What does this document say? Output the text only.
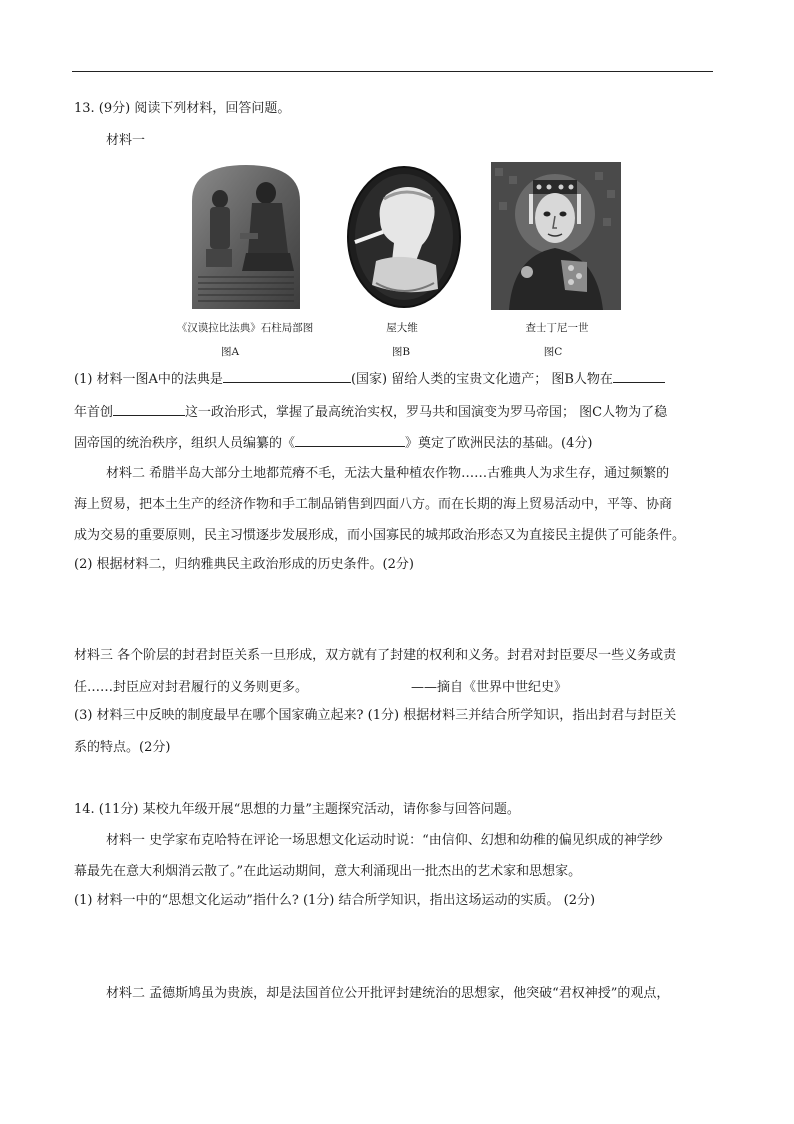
13. (9分) 阅读下列材料，回答问题。
材料一
《汉谟拉比法典》石柱局部图	屋大维	查士丁尼一世
图A	图B	图C
(1) 材料一图A中的法典是	(国家) 留给人类的宝贵文化遗产； 图B人物在
年首创	这一政治形式，掌握了最高统治实权，罗马共和国演变为罗马帝国； 图C人物为了稳
固帝国的统治秩序，组织人员编纂的《	》奠定了欧洲民法的基础。(4分)
材料二 希腊半岛大部分土地都荒瘠不毛，无法大量种植农作物……古雅典人为求生存，通过频繁的
海上贸易，把本土生产的经济作物和手工制品销售到四面八方。而在长期的海上贸易活动中，平等、协商
成为交易的重要原则，民主习惯逐步发展形成，而小国寡民的城邦政治形态又为直接民主提供了可能条件。
(2) 根据材料二，归纳雅典民主政治形成的历史条件。(2分)
材料三 各个阶层的封君封臣关系一旦形成，双方就有了封建的权利和义务。封君对封臣要尽一些义务或责
任……封臣应对封君履行的义务则更多。	——摘自《世界中世纪史》
(3) 材料三中反映的制度最早在哪个国家确立起来? (1分) 根据材料三并结合所学知识，指出封君与封臣关
系的特点。(2分)
14. (11分) 某校九年级开展“思想的力量”主题探究活动，请你参与回答问题。
材料一 史学家布克哈特在评论一场思想文化运动时说：“由信仰、幻想和幼稚的偏见织成的神学纱
幕最先在意大利烟消云散了。”在此运动期间，意大利涌现出一批杰出的艺术家和思想家。
(1) 材料一中的“思想文化运动”指什么? (1分) 结合所学知识，指出这场运动的实质。 (2分)
材料二 孟德斯鸠虽为贵族，却是法国首位公开批评封建统治的思想家，他突破“君权神授”的观点，
